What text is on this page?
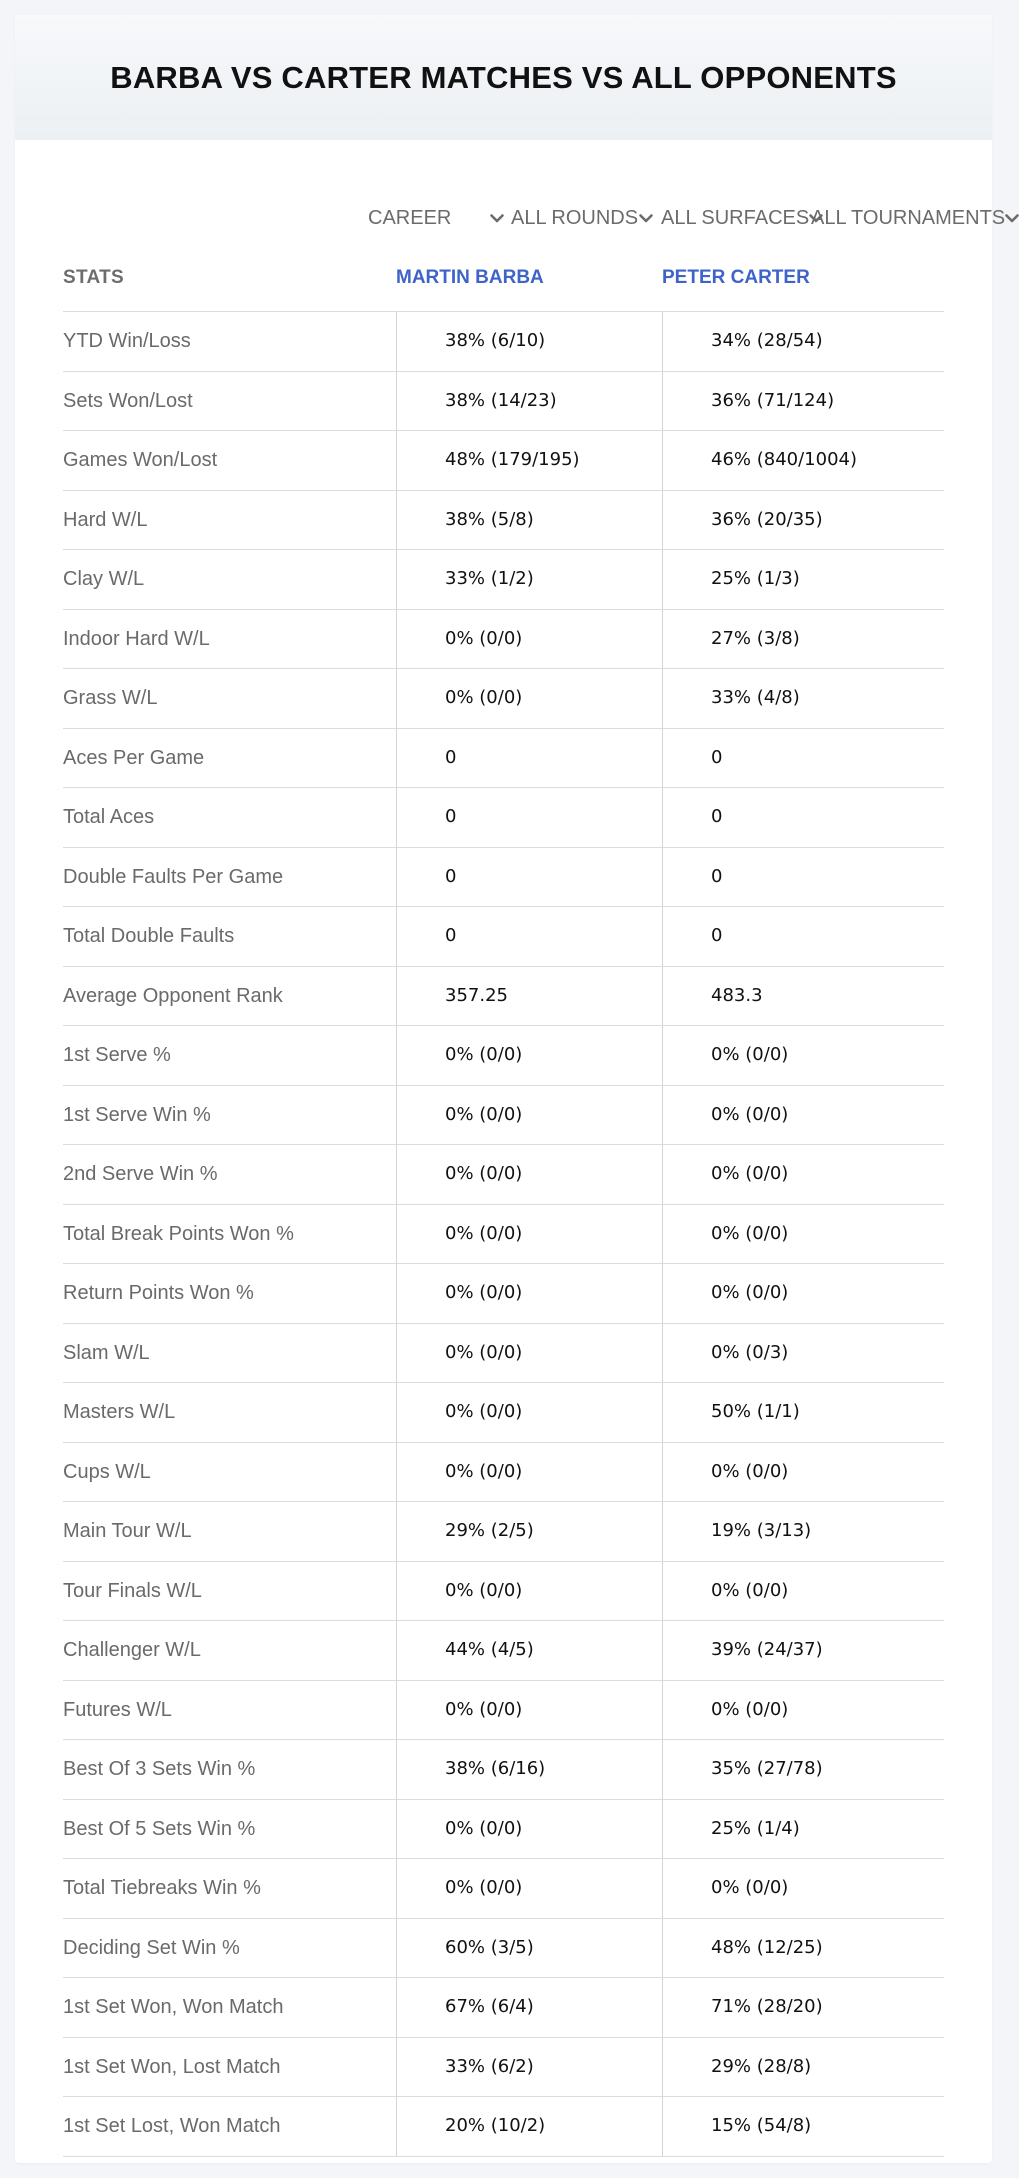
BARBA VS CARTER MATCHES VS ALL OPPONENTS
CAREER	ALL ROUNDS ALL SURFACES ALL TOURNAMENTS
STATS	MARTIN BARBA	PETER CARTER
YTD Win/Loss	38% (6/10)	34% (28/54)
Sets Won/Lost	38% (14/23)	36% (71/124)
Games Won/Lost	48% (179/195)	46% (840/1004)
Hard W/L	38% (5/8)	36% (20/35)
Clay W/L	33% (1/2)	25% (1/3)
Indoor Hard W/L	0% (0/0)	27% (3/8)
Grass W/L	0% (0/0)	33% (4/8)
Aces Per Game	0	0
Total Aces	0	0
Double Faults Per Game	0	0
Total Double Faults	0	0
Average Opponent Rank	357.25	483.3
1st Serve %	0% (0/0)	0% (0/0)
1st Serve Win %	0% (0/0)	0% (0/0)
2nd Serve Win %	0% (0/0)	0% (0/0)
Total Break Points Won %	0% (0/0)	0% (0/0)
Return Points Won %	0% (0/0)	0% (0/0)
Slam W/L	0% (0/0)	0% (0/3)
Masters W/L	0% (0/0)	50% (1/1)
Cups W/L	0% (0/0)	0% (0/0)
Main Tour W/L	29% (2/5)	19% (3/13)
Tour Finals W/L	0% (0/0)	0% (0/0)
Challenger W/L	44% (4/5)	39% (24/37)
Futures W/L	0% (0/0)	0% (0/0)
Best Of 3 Sets Win %	38% (6/16)	35% (27/78)
Best Of 5 Sets Win %	0% (0/0)	25% (1/4)
Total Tiebreaks Win %	0% (0/0)	0% (0/0)
Deciding Set Win %	60% (3/5)	48% (12/25)
1st Set Won, Won Match	67% (6/4)	71% (28/20)
1st Set Won, Lost Match	33% (6/2)	29% (28/8)
1st Set Lost, Won Match	20% (10/2)	15% (54/8)
